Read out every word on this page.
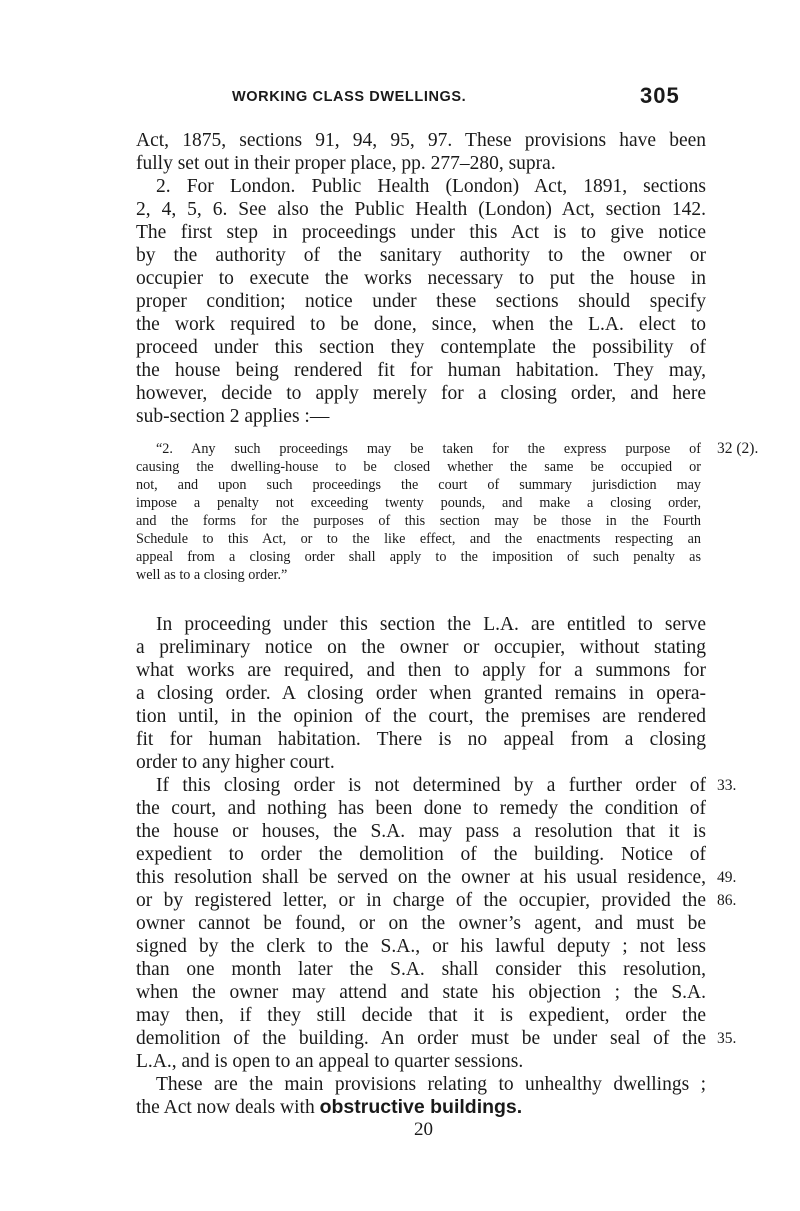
WORKING CLASS DWELLINGS.	305
Act, 1875, sections 91, 94, 95, 97. These provisions have been
fully set out in their proper place, pp. 277–280, supra.
2. For London. Public Health (London) Act, 1891, sections
2, 4, 5, 6. See also the Public Health (London) Act, section 142.
The first step in proceedings under this Act is to give notice
by the authority of the sanitary authority to the owner or
occupier to execute the works necessary to put the house in
proper condition; notice under these sections should specify
the work required to be done, since, when the L.A. elect to
proceed under this section they contemplate the possibility of
the house being rendered fit for human habitation. They may,
however, decide to apply merely for a closing order, and here
sub-section 2 applies :—
“2. Any such proceedings may be taken for the express purpose of
causing the dwelling-house to be closed whether the same be occupied or
not, and upon such proceedings the court of summary jurisdiction may
impose a penalty not exceeding twenty pounds, and make a closing order,
and the forms for the purposes of this section may be those in the Fourth
Schedule to this Act, or to the like effect, and the enactments respecting an
appeal from a closing order shall apply to the imposition of such penalty as
well as to a closing order.”
In proceeding under this section the L.A. are entitled to serve
a preliminary notice on the owner or occupier, without stating
what works are required, and then to apply for a summons for
a closing order. A closing order when granted remains in opera-
tion until, in the opinion of the court, the premises are rendered
fit for human habitation. There is no appeal from a closing
order to any higher court.
If this closing order is not determined by a further order of
the court, and nothing has been done to remedy the condition of
the house or houses, the S.A. may pass a resolution that it is
expedient to order the demolition of the building. Notice of
this resolution shall be served on the owner at his usual residence,
or by registered letter, or in charge of the occupier, provided the
owner cannot be found, or on the owner’s agent, and must be
signed by the clerk to the S.A., or his lawful deputy ; not less
than one month later the S.A. shall consider this resolution,
when the owner may attend and state his objection ; the S.A.
may then, if they still decide that it is expedient, order the
demolition of the building. An order must be under seal of the
L.A., and is open to an appeal to quarter sessions.
These are the main provisions relating to unhealthy dwellings ;
the Act now deals with obstructive buildings.
32 (2).
33.
49.
86.
35.
20
